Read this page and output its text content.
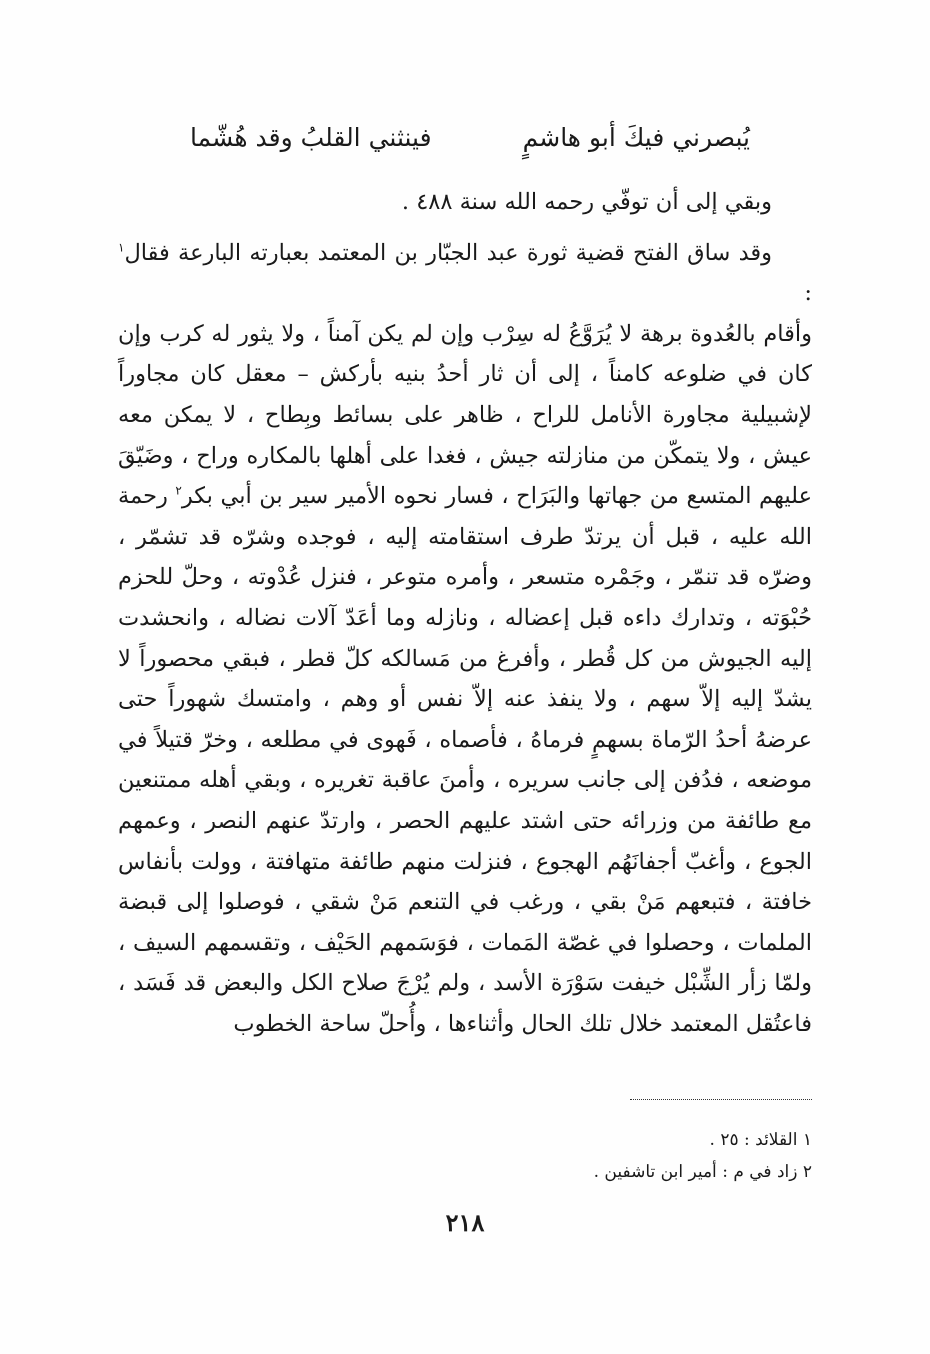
يُبصرني فيكَ أبو هاشمٍ
فينثني القلبُ وقد هُشّما

وبقي إلى أن توفّي رحمه الله سنة ٤٨٨ .

وقد ساق الفتح قضية ثورة عبد الجبّار بن المعتمد بعبارته البارعة فقال$^١$ :

وأقام بالعُدوة برهة لا يُرَوَّعُ له سِرْب وإن لم يكن آمناً ، ولا يثور له كرب وإن كان في ضلوعه كامناً ، إلى أن ثار أحدُ بنيه بأركش – معقل كان مجاوراً لإشبيلية مجاورة الأنامل للراح ، ظاهر على بسائط وبِطاح ، لا يمكن معه عيش ، ولا يتمكّن من منازلته جيش ، فغدا على أهلها بالمكاره وراح ، وضَيّقَ عليهم المتسع من جهاتها والبَرَاح ، فسار نحوه الأمير سير بن أبي بكر$^٢$ رحمة الله عليه ، قبل أن يرتدّ طرف استقامته إليه ، فوجده وشرّه قد تشمّر ، وضرّه قد تنمّر ، وجَمْره متسعر ، وأمره متوعر ، فنزل عُدْوته ، وحلّ للحزم حُبْوَته ، وتدارك داءه قبل إعضاله ، ونازله وما أعَدّ آلات نضاله ، وانحشدت إليه الجيوش من كل قُطر ، وأفرغ من مَسالكه كلّ قطر ، فبقي محصوراً لا يشدّ إليه إلاّ سهم ، ولا ينفذ عنه إلاّ نفس أو وهم ، وامتسك شهوراً حتى عرضهُ أحدُ الرّماة بسهمٍ فرماهُ ، فأصماه ، فَهوى في مطلعه ، وخرّ قتيلاً في موضعه ، فدُفن إلى جانب سريره ، وأمنَ عاقبة تغريره ، وبقي أهله ممتنعين مع طائفة من وزرائه حتى اشتد عليهم الحصر ، وارتدّ عنهم النصر ، وعمهم الجوع ، وأغبّ أجفانَهُم الهجوع ، فنزلت منهم طائفة متهافتة ، وولت بأنفاس خافتة ، فتبعهم مَنْ بقي ، ورغب في التنعم مَنْ شقي ، فوصلوا إلى قبضة الملمات ، وحصلوا في غصّة المَمات ، فوَسَمهم الحَيْف ، وتقسمهم السيف ، ولمّا زأر الشِّبْل خيفت سَوْرَة الأسد ، ولم يُرْجَ صلاح الكل والبعض قد فَسَد ، فاعتُقل المعتمد خلال تلك الحال وأثناءها ، وأُحلّ ساحة الخطوب

١ القلائد : ٢٥ .
٢ زاد في م : أمير ابن تاشفين .
٢١٨
